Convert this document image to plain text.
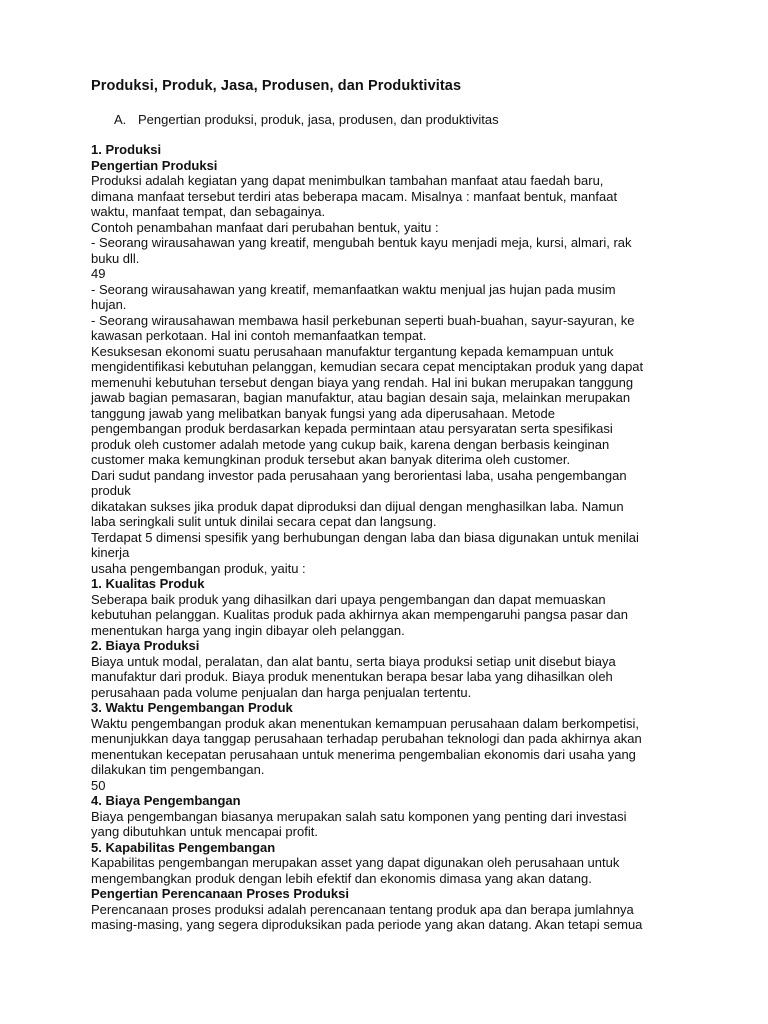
Produksi, Produk, Jasa, Produsen, dan Produktivitas
A. Pengertian produksi, produk, jasa, produsen, dan produktivitas
1. Produksi
Pengertian Produksi
Produksi adalah kegiatan yang dapat menimbulkan tambahan manfaat atau faedah baru,
dimana manfaat tersebut terdiri atas beberapa macam. Misalnya : manfaat bentuk, manfaat
waktu, manfaat tempat, dan sebagainya.
Contoh penambahan manfaat dari perubahan bentuk, yaitu :
- Seorang wirausahawan yang kreatif, mengubah bentuk kayu menjadi meja, kursi, almari, rak
buku dll.
49
- Seorang wirausahawan yang kreatif, memanfaatkan waktu menjual jas hujan pada musim
hujan.
- Seorang wirausahawan membawa hasil perkebunan seperti buah-buahan, sayur-sayuran, ke
kawasan perkotaan. Hal ini contoh memanfaatkan tempat.
Kesuksesan ekonomi suatu perusahaan manufaktur tergantung kepada kemampuan untuk
mengidentifikasi kebutuhan pelanggan, kemudian secara cepat menciptakan produk yang dapat
memenuhi kebutuhan tersebut dengan biaya yang rendah. Hal ini bukan merupakan tanggung
jawab bagian pemasaran, bagian manufaktur, atau bagian desain saja, melainkan merupakan
tanggung jawab yang melibatkan banyak fungsi yang ada diperusahaan. Metode
pengembangan produk berdasarkan kepada permintaan atau persyaratan serta spesifikasi
produk oleh customer adalah metode yang cukup baik, karena dengan berbasis keinginan
customer maka kemungkinan produk tersebut akan banyak diterima oleh customer.
Dari sudut pandang investor pada perusahaan yang berorientasi laba, usaha pengembangan
produk
dikatakan sukses jika produk dapat diproduksi dan dijual dengan menghasilkan laba. Namun
laba seringkali sulit untuk dinilai secara cepat dan langsung.
Terdapat 5 dimensi spesifik yang berhubungan dengan laba dan biasa digunakan untuk menilai
kinerja
usaha pengembangan produk, yaitu :
1. Kualitas Produk
Seberapa baik produk yang dihasilkan dari upaya pengembangan dan dapat memuaskan
kebutuhan pelanggan. Kualitas produk pada akhirnya akan mempengaruhi pangsa pasar dan
menentukan harga yang ingin dibayar oleh pelanggan.
2. Biaya Produksi
Biaya untuk modal, peralatan, dan alat bantu, serta biaya produksi setiap unit disebut biaya
manufaktur dari produk. Biaya produk menentukan berapa besar laba yang dihasilkan oleh
perusahaan pada volume penjualan dan harga penjualan tertentu.
3. Waktu Pengembangan Produk
Waktu pengembangan produk akan menentukan kemampuan perusahaan dalam berkompetisi,
menunjukkan daya tanggap perusahaan terhadap perubahan teknologi dan pada akhirnya akan
menentukan kecepatan perusahaan untuk menerima pengembalian ekonomis dari usaha yang
dilakukan tim pengembangan.
50
4. Biaya Pengembangan
Biaya pengembangan biasanya merupakan salah satu komponen yang penting dari investasi
yang dibutuhkan untuk mencapai profit.
5. Kapabilitas Pengembangan
Kapabilitas pengembangan merupakan asset yang dapat digunakan oleh perusahaan untuk
mengembangkan produk dengan lebih efektif dan ekonomis dimasa yang akan datang.
Pengertian Perencanaan Proses Produksi
Perencanaan proses produksi adalah perencanaan tentang produk apa dan berapa jumlahnya
masing-masing, yang segera diproduksikan pada periode yang akan datang. Akan tetapi semua
